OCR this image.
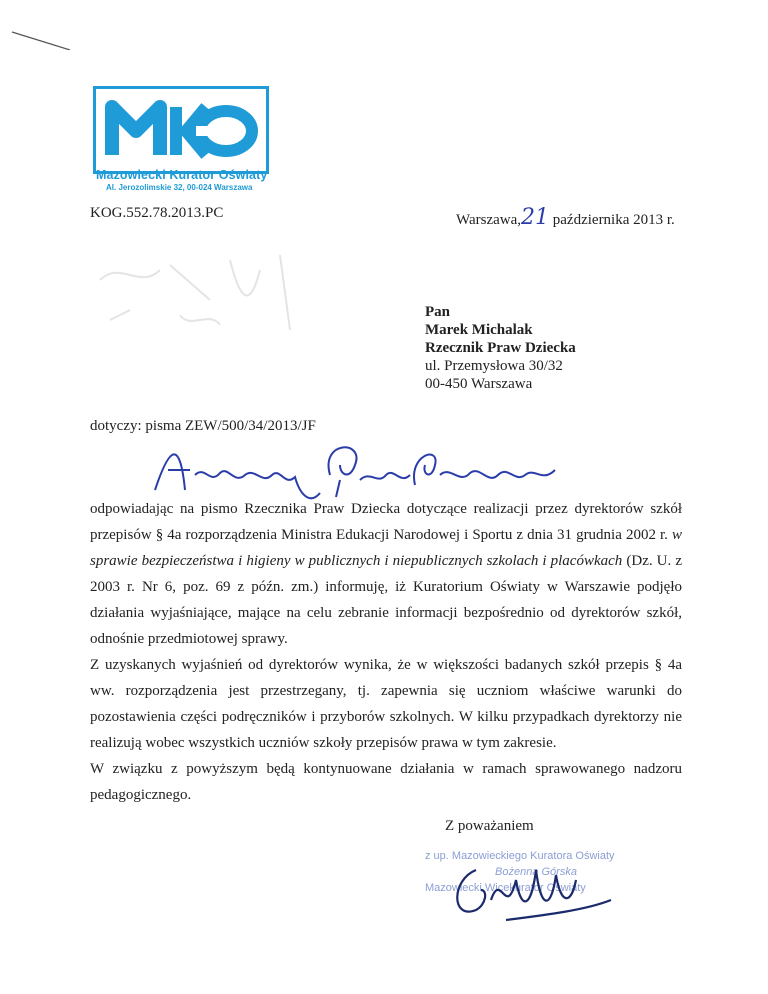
Mazowiecki Kurator Oświaty
Al. Jerozolimskie 32, 00-024 Warszawa
KOG.552.78.2013.PC	Warszawa,21 października 2013 r.
Pan
Marek Michalak
Rzecznik Praw Dziecka
ul. Przemysłowa 30/32
00-450 Warszawa
dotyczy: pisma ZEW/500/34/2013/JF

odpowiadając na pismo Rzecznika Praw Dziecka dotyczące realizacji przez dyrektorów szkół przepisów § 4a rozporządzenia Ministra Edukacji Narodowej i Sportu z dnia 31 grudnia 2002 r. w sprawie bezpieczeństwa i higieny w publicznych i niepublicznych szkolach i placówkach (Dz. U. z 2003 r. Nr 6, poz. 69 z późn. zm.) informuję, iż Kuratorium Oświaty w Warszawie podjęło działania wyjaśniające, mające na celu zebranie informacji bezpośrednio od dyrektorów szkół, odnośnie przedmiotowej sprawy.

Z uzyskanych wyjaśnień od dyrektorów wynika, że w większości badanych szkół przepis § 4a ww. rozporządzenia jest przestrzegany, tj. zapewnia się uczniom właściwe warunki do pozostawienia części podręczników i przyborów szkolnych. W kilku przypadkach dyrektorzy nie realizują wobec wszystkich uczniów szkoły przepisów prawa w tym zakresie.

W związku z powyższym będą kontynuowane działania w ramach sprawowanego nadzoru pedagogicznego.

Z poważaniem
z up. Mazowieckiego Kuratora Oświaty
Bożenna Górska
Mazowiecki Wicekurator Oświaty
